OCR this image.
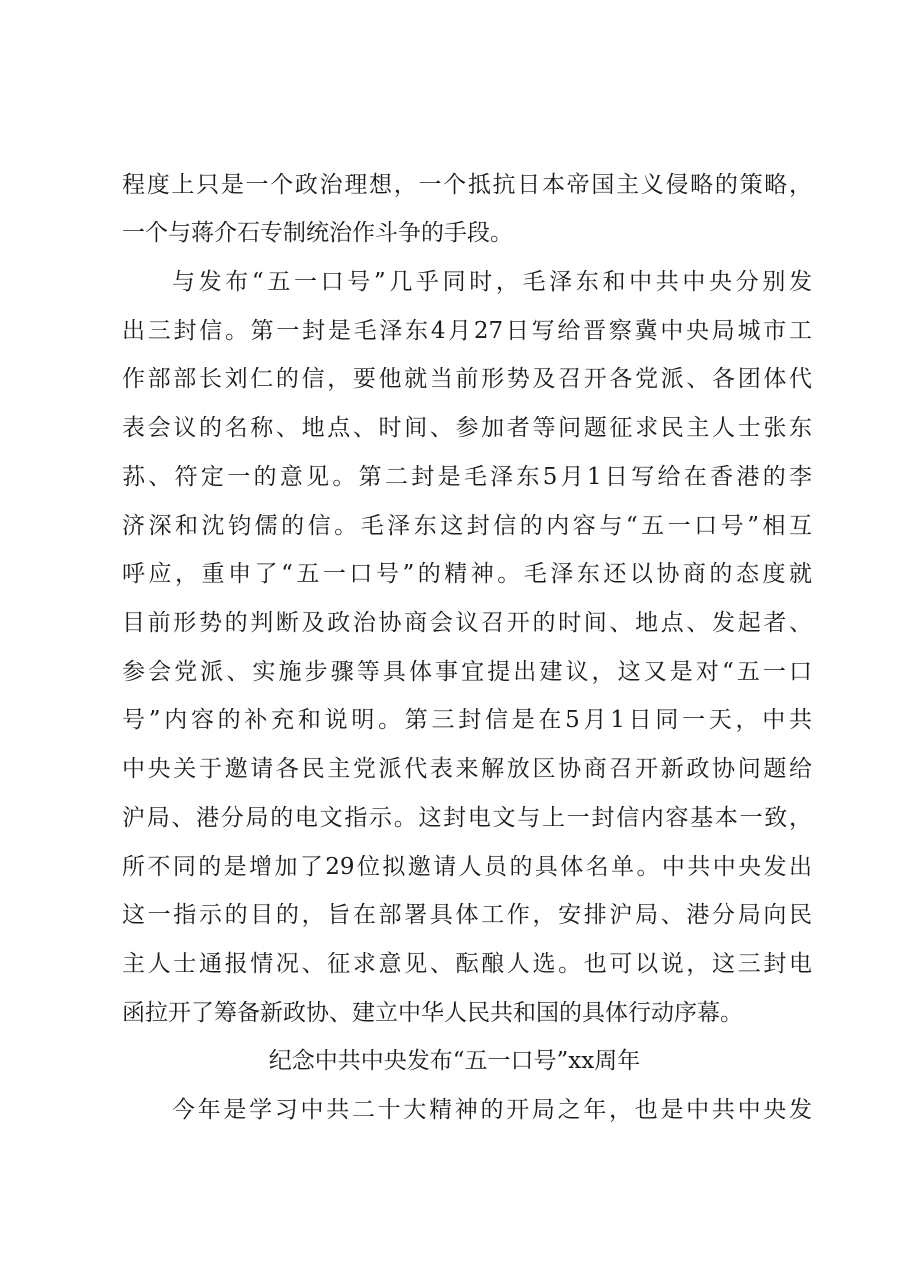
程度上只是一个政治理想，一个抵抗日本帝国主义侵略的策略，
一个与蒋介石专制统治作斗争的手段。
与发布“五一口号”几乎同时，毛泽东和中共中央分别发
出三封信。第一封是毛泽东4月27日写给晋察冀中央局城市工
作部部长刘仁的信，要他就当前形势及召开各党派、各团体代
表会议的名称、地点、时间、参加者等问题征求民主人士张东
荪、符定一的意见。第二封是毛泽东5月1日写给在香港的李
济深和沈钧儒的信。毛泽东这封信的内容与“五一口号”相互
呼应，重申了“五一口号”的精神。毛泽东还以协商的态度就
目前形势的判断及政治协商会议召开的时间、地点、发起者、
参会党派、实施步骤等具体事宜提出建议，这又是对“五一口
号”内容的补充和说明。第三封信是在5月1日同一天，中共
中央关于邀请各民主党派代表来解放区协商召开新政协问题给
沪局、港分局的电文指示。这封电文与上一封信内容基本一致，
所不同的是增加了29位拟邀请人员的具体名单。中共中央发出
这一指示的目的，旨在部署具体工作，安排沪局、港分局向民
主人士通报情况、征求意见、酝酿人选。也可以说，这三封电
函拉开了筹备新政协、建立中华人民共和国的具体行动序幕。
纪念中共中央发布“五一口号”xx周年
今年是学习中共二十大精神的开局之年，也是中共中央发
